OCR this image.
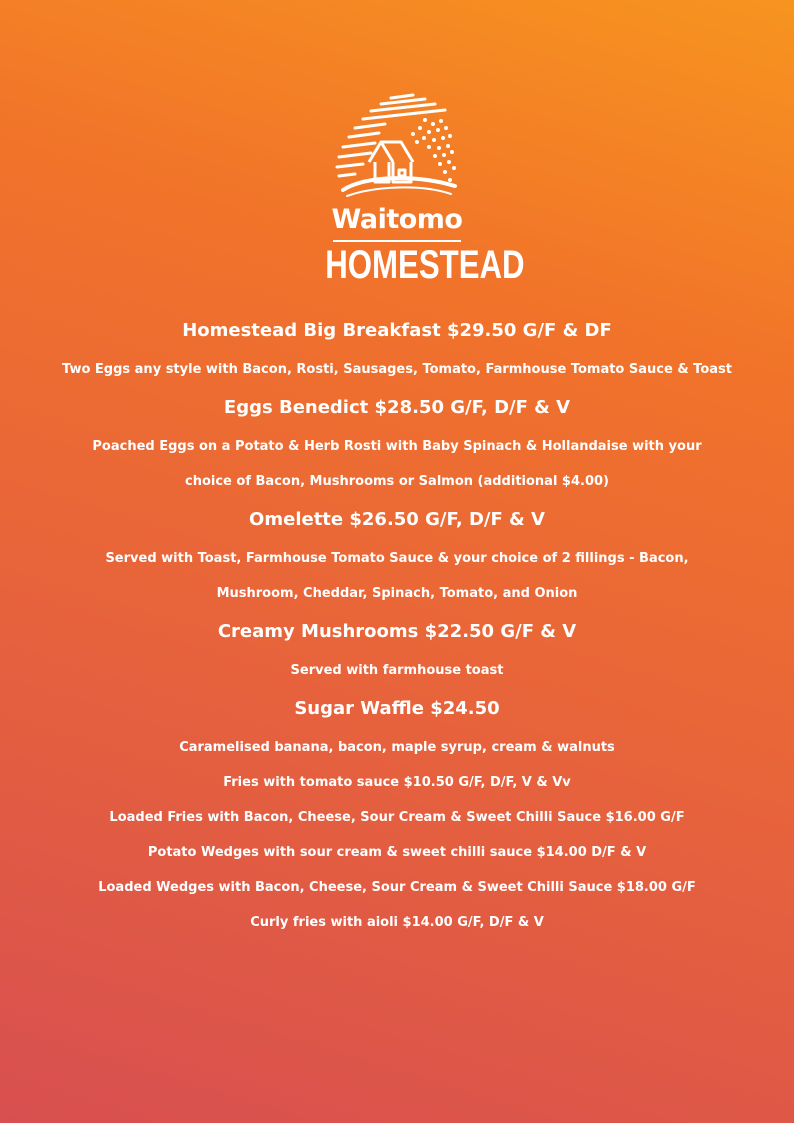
Waitomo
HOMESTEAD
Homestead Big Breakfast $29.50 G/F & DF

Two Eggs any style with Bacon, Rosti, Sausages, Tomato, Farmhouse Tomato Sauce & Toast

Eggs Benedict $28.50 G/F, D/F & V

Poached Eggs on a Potato & Herb Rosti with Baby Spinach & Hollandaise with your choice of Bacon, Mushrooms or Salmon (additional $4.00)

Omelette $26.50 G/F, D/F & V

Served with Toast, Farmhouse Tomato Sauce & your choice of 2 fillings - Bacon, Mushroom, Cheddar, Spinach, Tomato, and Onion

Creamy Mushrooms $22.50 G/F & V

Served with farmhouse toast

Sugar Waffle $24.50

Caramelised banana, bacon, maple syrup, cream & walnuts

Fries with tomato sauce $10.50 G/F, D/F, V & Vv

Loaded Fries with Bacon, Cheese, Sour Cream & Sweet Chilli Sauce $16.00 G/F

Potato Wedges with sour cream & sweet chilli sauce $14.00 D/F & V

Loaded Wedges with Bacon, Cheese, Sour Cream & Sweet Chilli Sauce $18.00 G/F

Curly fries with aioli $14.00 G/F, D/F & V
